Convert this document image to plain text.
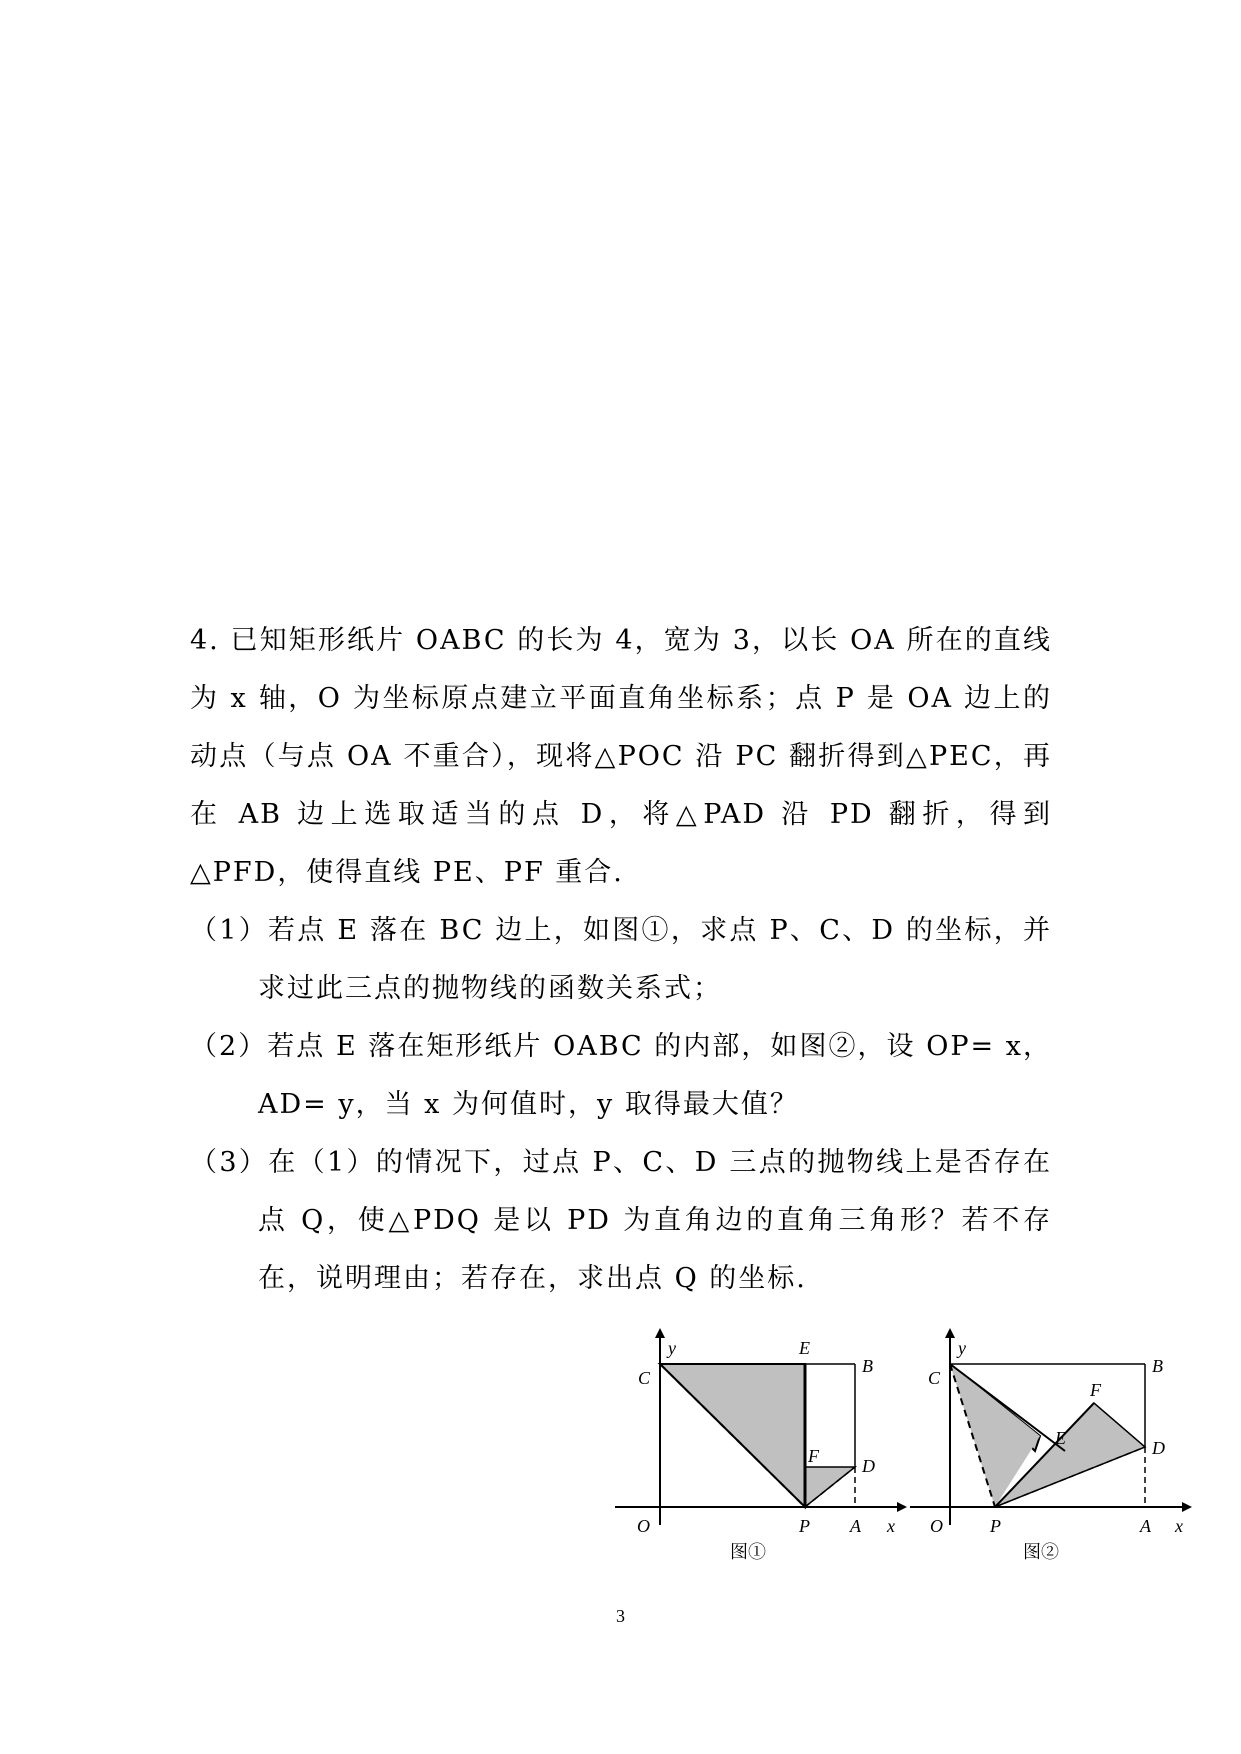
4. 已知矩形纸片 OABC 的长为 4，宽为 3，以长 OA 所在的直线为 x 轴，O 为坐标原点建立平面直角坐标系；点 P 是 OA 边上的动点（与点 OA 不重合），现将△POC 沿 PC 翻折得到△PEC，再在 AB 边上选取适当的点 D，将△PAD 沿 PD 翻折，得到△PFD，使得直线 PE、PF 重合.

（1）若点 E 落在 BC 边上，如图①，求点 P、C、D 的坐标，并求过此三点的抛物线的函数关系式；

（2）若点 E 落在矩形纸片 OABC 的内部，如图②，设 OP= x，AD= y，当 x 为何值时，y 取得最大值？

（3）在（1）的情况下，过点 P、C、D 三点的抛物线上是否存在点 Q，使△PDQ 是以 PD 为直角边的直角三角形？若不存在，说明理由；若存在，求出点 Q 的坐标.

y
C
E
B
F D
O	P A x
图①
y
C
B
F
E	D
O	P	A x
图②
3
